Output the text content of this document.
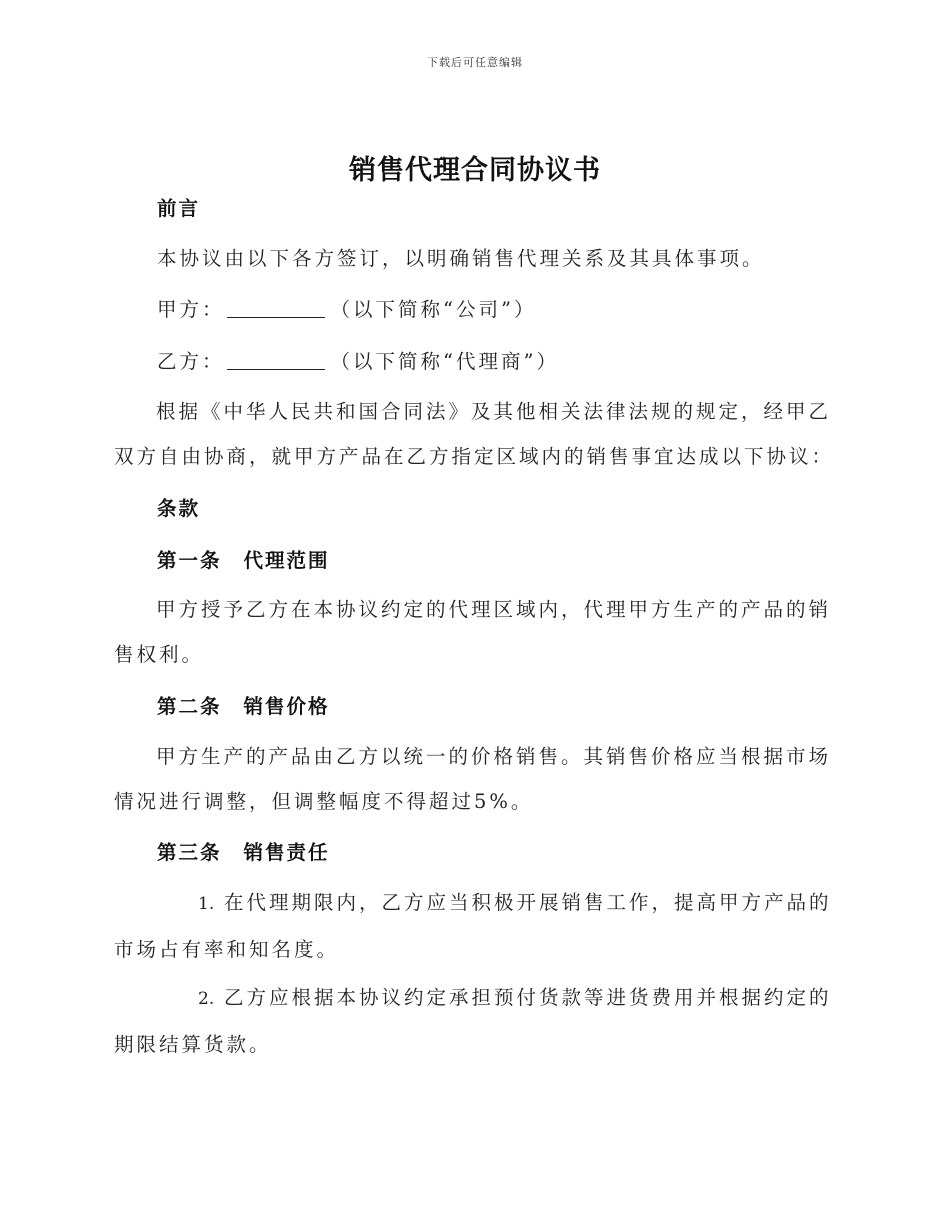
下载后可任意编辑
销售代理合同协议书
前言
本协议由以下各方签订，以明确销售代理关系及其具体事项。
甲方：	（以下简称“公司”）
乙方：	（以下简称“代理商”）
根据《中华人民共和国合同法》及其他相关法律法规的规定，经甲乙双方自由协商，就甲方产品在乙方指定区域内的销售事宜达成以下协议：
条款
第一条 代理范围
甲方授予乙方在本协议约定的代理区域内，代理甲方生产的产品的销售权利。
第二条 销售价格
甲方生产的产品由乙方以统一的价格销售。其销售价格应当根据市场情况进行调整，但调整幅度不得超过5%。
第三条 销售责任
1. 在代理期限内，乙方应当积极开展销售工作，提高甲方产品的市场占有率和知名度。
2. 乙方应根据本协议约定承担预付货款等进货费用并根据约定的期限结算货款。
